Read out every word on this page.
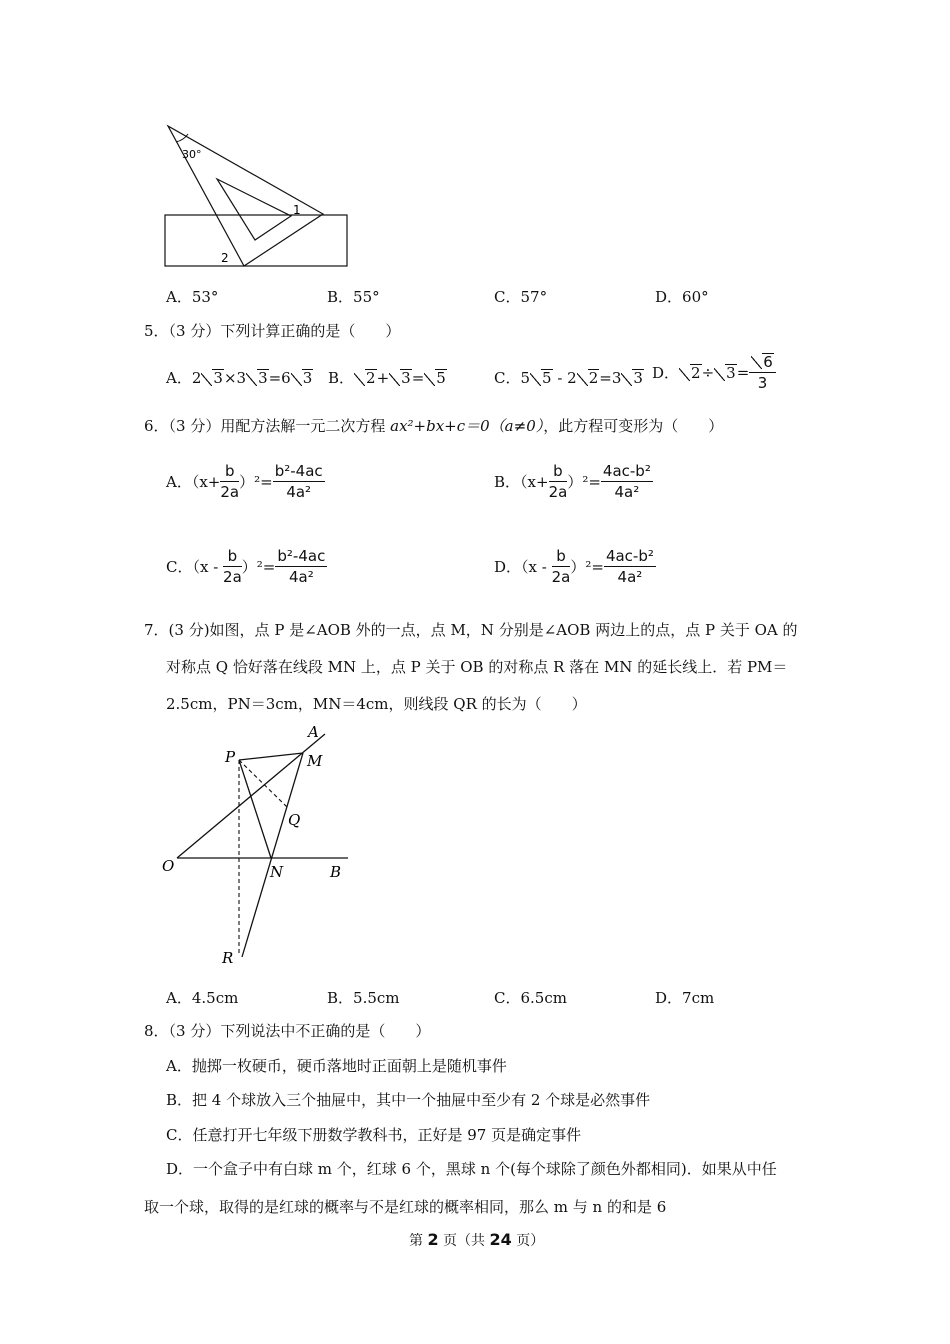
30°
1
2
A．53°	B．55°	C．57°	D．60°
5．（3 分）下列计算正确的是（　　）
A．2 3×3 3=6 3 B． 2+ 3= 5	C．5 5 - 2 2=3 3 D． $2\div 3= \frac{6}{3}$
6．（3 分）用配方法解一元二次方程 ax²+bx+c＝0（a≠0），此方程可变形为（　　）
A．$(x+ \frac{b}{2a} )^2= \frac{\text{b²-4ac}}{\text{4a²}}$	B．$(x+ \frac{b}{2a} )^2= \frac{\text{4ac-b²}}{\text{4a²}}$
C．$(x - \frac{b}{2a} )^2= \frac{\text{b²-4ac}}{\text{4a²}}$	D．$(x - \frac{b}{2a} )^2= \frac{\text{4ac-b²}}{\text{4a²}}$
7．(3 分)如图，点 P 是∠AOB 外的一点，点 M，N 分别是∠AOB 两边上的点，点 P 关于 OA 的
对称点 Q 恰好落在线段 MN 上，点 P 关于 OB 的对称点 R 落在 MN 的延长线上．若 PM＝
2.5cm，PN＝3cm，MN＝4cm，则线段 QR 的长为（　　）
A
P	M
Q
O	N	B
R
A．4.5cm	B．5.5cm	C．6.5cm	D．7cm
8．（3 分）下列说法中不正确的是（　　）
A．抛掷一枚硬币，硬币落地时正面朝上是随机事件
B．把 4 个球放入三个抽屉中，其中一个抽屉中至少有 2 个球是必然事件
C．任意打开七年级下册数学教科书，正好是 97 页是确定事件
D．一个盒子中有白球 m 个，红球 6 个，黑球 n 个(每个球除了颜色外都相同)．如果从中任
取一个球，取得的是红球的概率与不是红球的概率相同，那么 m 与 n 的和是 6
第 2 页（共 24 页）
